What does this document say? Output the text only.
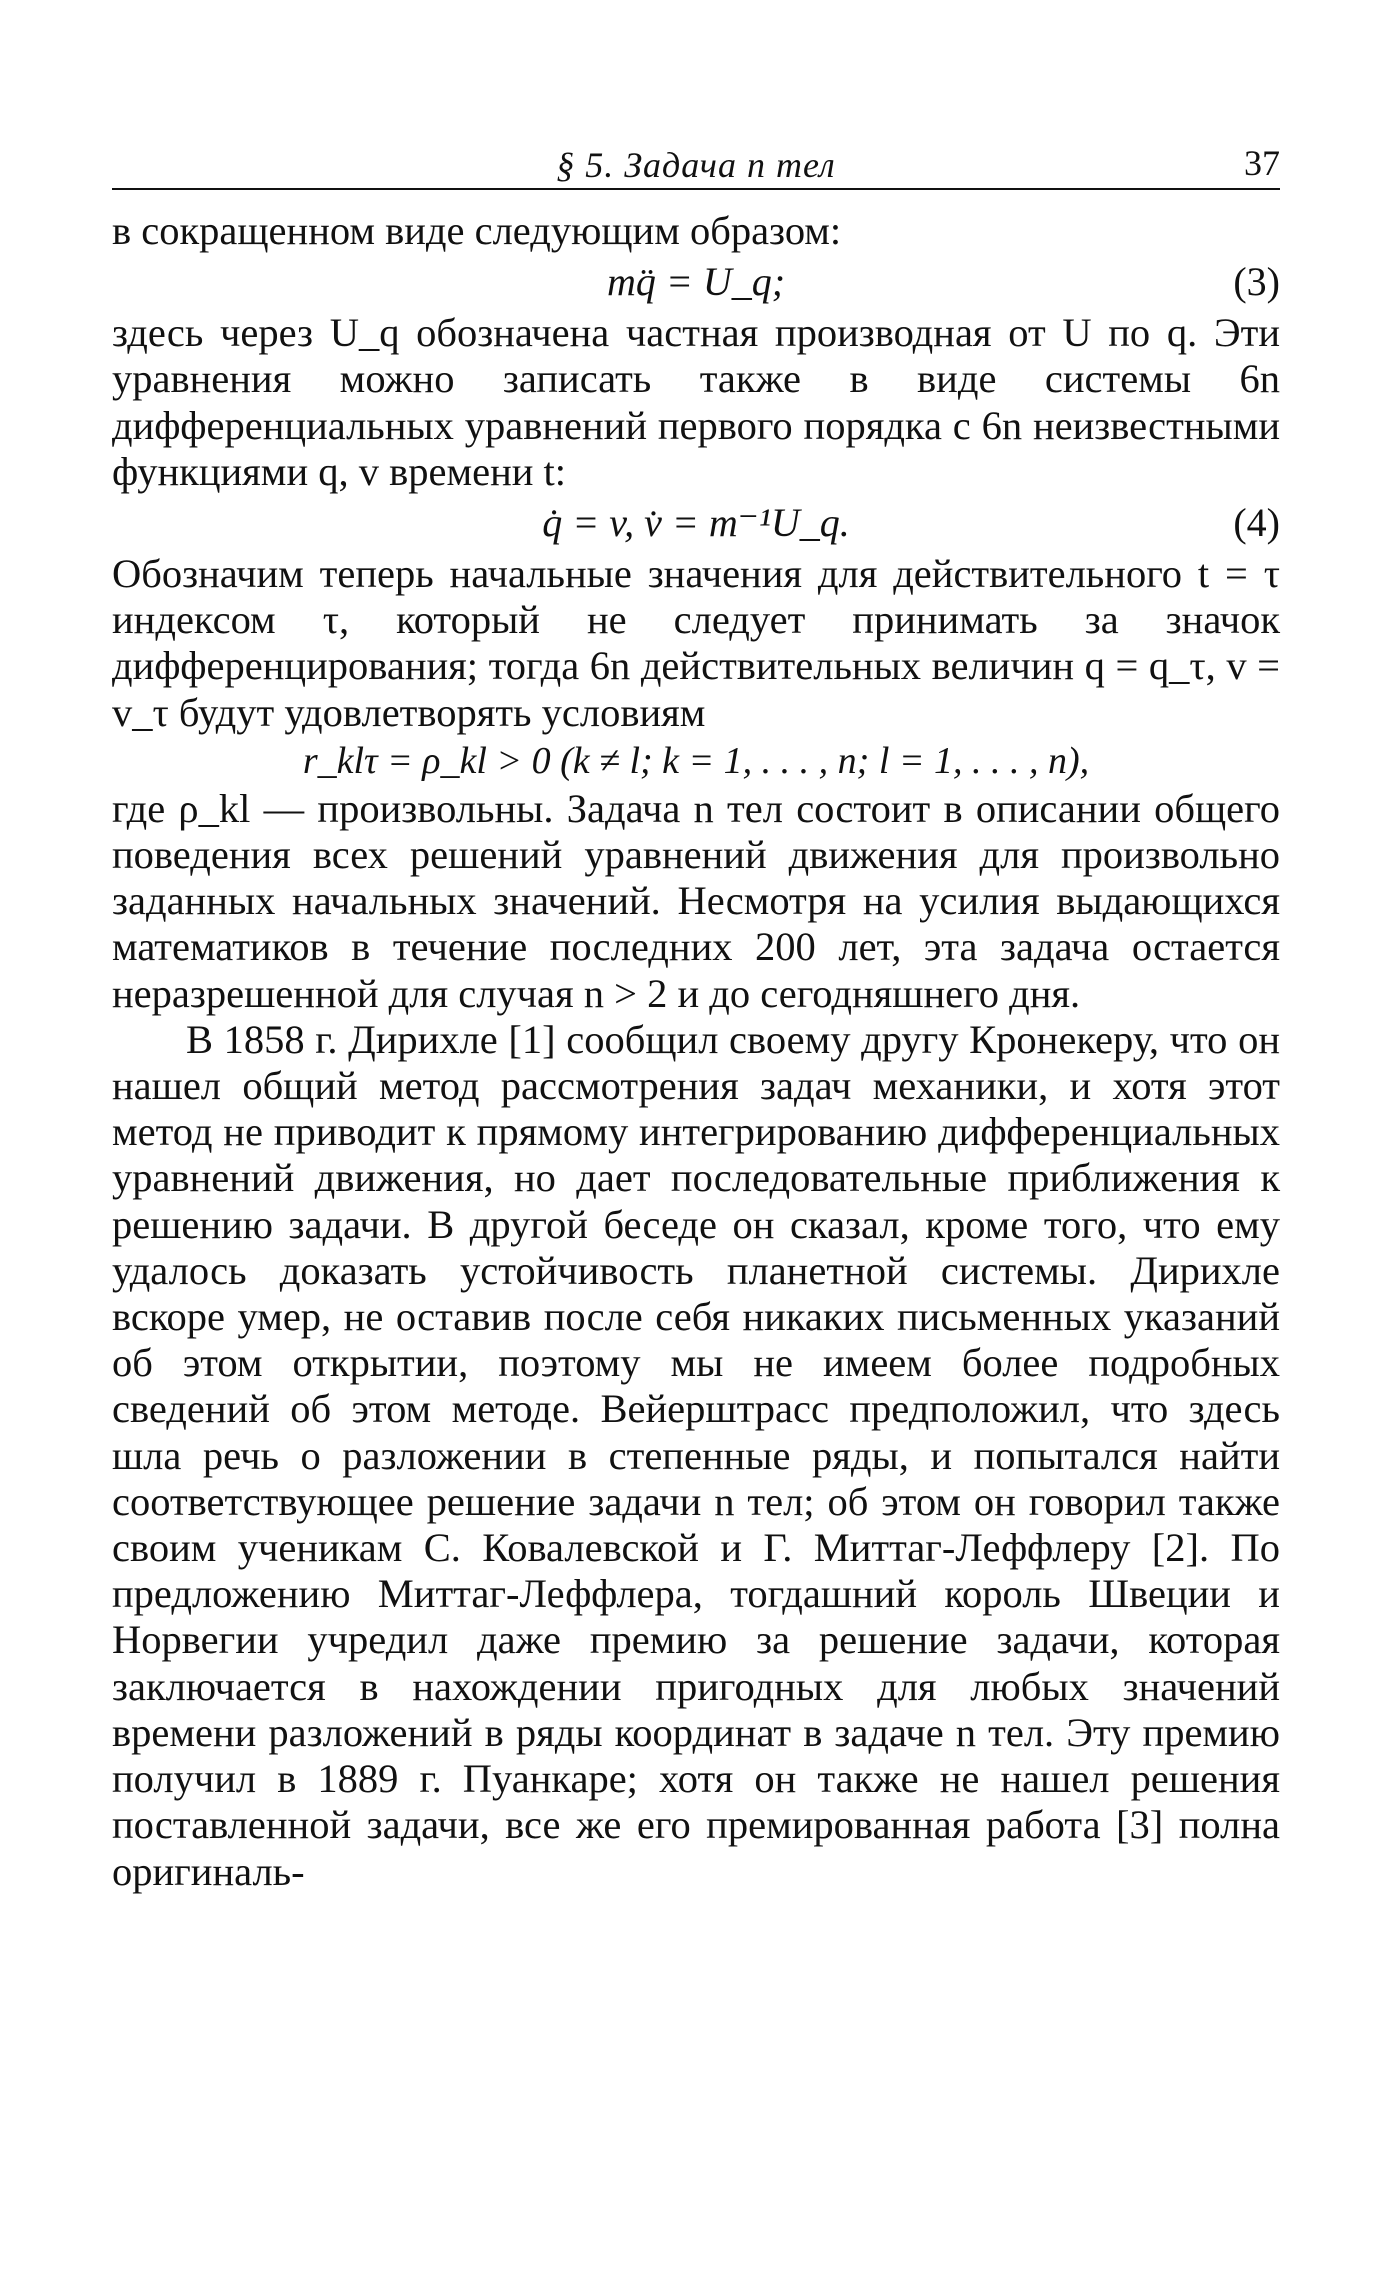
§ 5. Задача n тел	37

в сокращенном виде следующим образом:

mq̈ = U_q;	(3)

здесь через U_q обозначена частная производная от U по q. Эти уравнения можно записать также в виде системы 6n дифференциальных уравнений первого порядка с 6n неизвестными функциями q, v времени t:

q̇ = v, v̇ = m⁻¹U_q.	(4)

Обозначим теперь начальные значения для действительного t = τ индексом τ, который не следует принимать за значок дифференцирования; тогда 6n действительных величин q = q_τ, v = v_τ будут удовлетворять условиям

r_klτ = ρ_kl > 0 (k ≠ l; k = 1, . . . , n; l = 1, . . . , n),

где ρ_kl — произвольны. Задача n тел состоит в описании общего поведения всех решений уравнений движения для произвольно заданных начальных значений. Несмотря на усилия выдающихся математиков в течение последних 200 лет, эта задача остается неразрешенной для случая n > 2 и до сегодняшнего дня.

В 1858 г. Дирихле [1] сообщил своему другу Кронекеру, что он нашел общий метод рассмотрения задач механики, и хотя этот метод не приводит к прямому интегрированию дифференциальных уравнений движения, но дает последовательные приближения к решению задачи. В другой беседе он сказал, кроме того, что ему удалось доказать устойчивость планетной системы. Дирихле вскоре умер, не оставив после себя никаких письменных указаний об этом открытии, поэтому мы не имеем более подробных сведений об этом методе. Вейерштрасс предположил, что здесь шла речь о разложении в степенные ряды, и попытался найти соответствующее решение задачи n тел; об этом он говорил также своим ученикам С. Ковалевской и Г. Миттаг-Леффлеру [2]. По предложению Миттаг-Леффлера, тогдашний король Швеции и Норвегии учредил даже премию за решение задачи, которая заключается в нахождении пригодных для любых значений времени разложений в ряды координат в задаче n тел. Эту премию получил в 1889 г. Пуанкаре; хотя он также не нашел решения поставленной задачи, все же его премированная работа [3] полна оригиналь-
